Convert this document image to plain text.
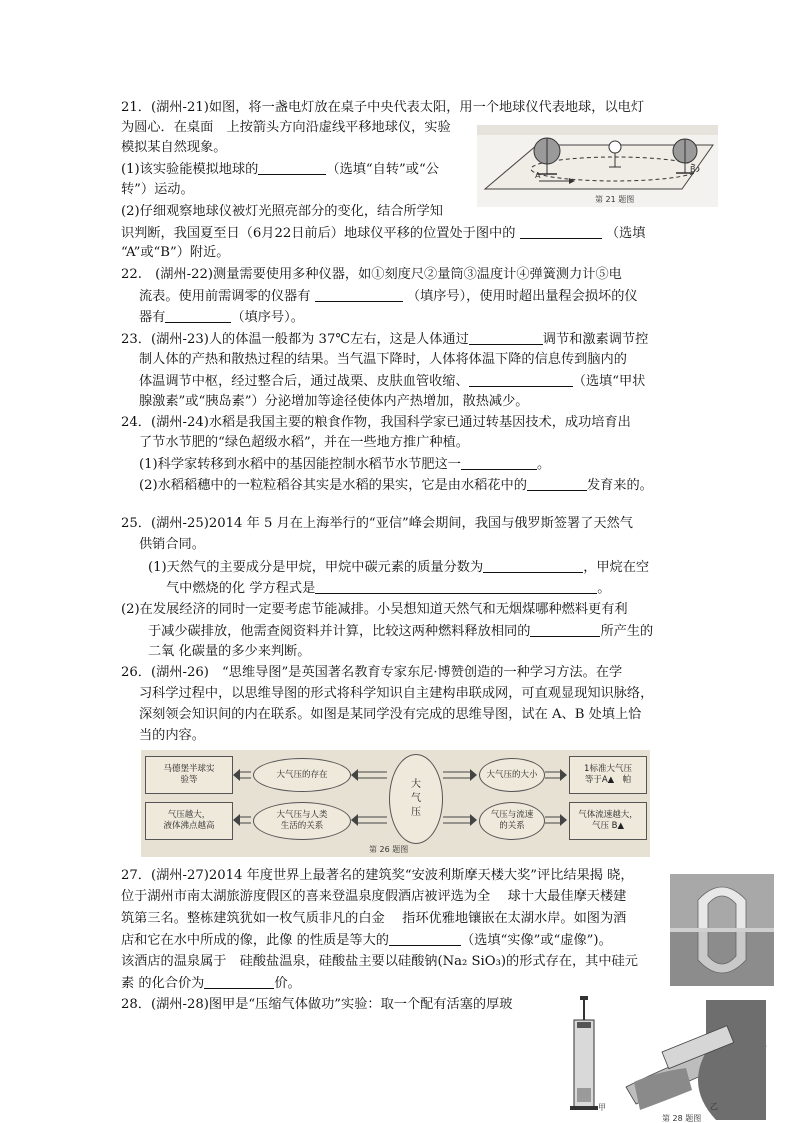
21．(湖州-21)如图，将一盏电灯放在桌子中央代表太阳，用一个地球仪代表地球，以电灯
为圆心．在桌面　上按箭头方向沿虚线平移地球仪，实验
模拟某自然现象。
(1)该实验能模拟地球的	（选填“自转”或“公
转”）运动。
(2)仔细观察地球仪被灯光照亮部分的变化，结合所学知
识判断，我国夏至日（6月22日前后）地球仪平移的位置处于图中的	（选填
“A”或“B”）附近。
A
B
第 21 题图
22.　(湖州-22)测量需要使用多种仪器，如①刻度尺②量筒③温度计④弹簧测力计⑤电
流表。使用前需调零的仪器有	（填序号），使用时超出量程会损坏的仪
器有	（填序号）。
23．(湖州-23)人的体温一般都为 37℃左右，这是人体通过	调节和激素调节控
制人体的产热和散热过程的结果。当气温下降时，人体将体温下降的信息传到脑内的
体温调节中枢，经过整合后，通过战栗、皮肤血管收缩、	（选填“甲状
腺激素”或“胰岛素”）分泌增加等途径使体内产热增加，散热减少。
24．(湖州-24)水稻是我国主要的粮食作物，我国科学家已通过转基因技术，成功培育出
了节水节肥的“绿色超级水稻”，并在一些地方推广种植。
(1)科学家转移到水稻中的基因能控制水稻节水节肥这一	。
(2)水稻稻穗中的一粒粒稻谷其实是水稻的果实，它是由水稻花中的	发育来的。
25．(湖州-25)2014 年 5 月在上海举行的“亚信”峰会期间，我国与俄罗斯签署了天然气
供销合同。
(1)天然气的主要成分是甲烷，甲烷中碳元素的质量分数为	，甲烷在空
气中燃烧的化 学方程式是	。
(2)在发展经济的同时一定要考虑节能减排。小吴想知道天然气和无烟煤哪种燃料更有利
于减少碳排放，他需查阅资料并计算，比较这两种燃料释放相同的	所产生的
二氧 化碳量的多少来判断。
26．(湖州-26)　“思维导图”是英国著名教育专家东尼·博赞创造的一种学习方法。在学
习科学过程中，以思维导图的形式将科学知识自主建构串联成网，可直观显现知识脉络，
深刻领会知识间的内在联系。如图是某同学没有完成的思维导图，试在 A、B 处填上恰
当的内容。
马德堡半球实
验等
大气压的存在
气压越大，
液体沸点越高
大气压与人类
生活的关系
大
气
压
大气压的大小
气压与流速
的关系
1标准大气压
等于A▲　帕
气体流速越大，
气压 B▲
第 26 题图
27．(湖州-27)2014 年度世界上最著名的建筑奖“安波利斯摩天楼大奖”评比结果揭 晓，
位于湖州市南太湖旅游度假区的喜来登温泉度假酒店被评选为全　 球十大最佳摩天楼建
筑第三名。整栋建筑犹如一枚气质非凡的白金　 指环优雅地镶嵌在太湖水岸。如图为酒
店和它在水中所成的像，此像 的性质是等大的	（选填“实像”或“虚像”)。
该酒店的温泉属于　硅酸盐温泉，硅酸盐主要以硅酸钠(Na₂ SiO₃)的形式存在，其中硅元
素 的化合价为	价。
28．(湖州-28)图甲是“压缩气体做功”实验：取一个配有活塞的厚玻
甲	乙
第 28 题图
